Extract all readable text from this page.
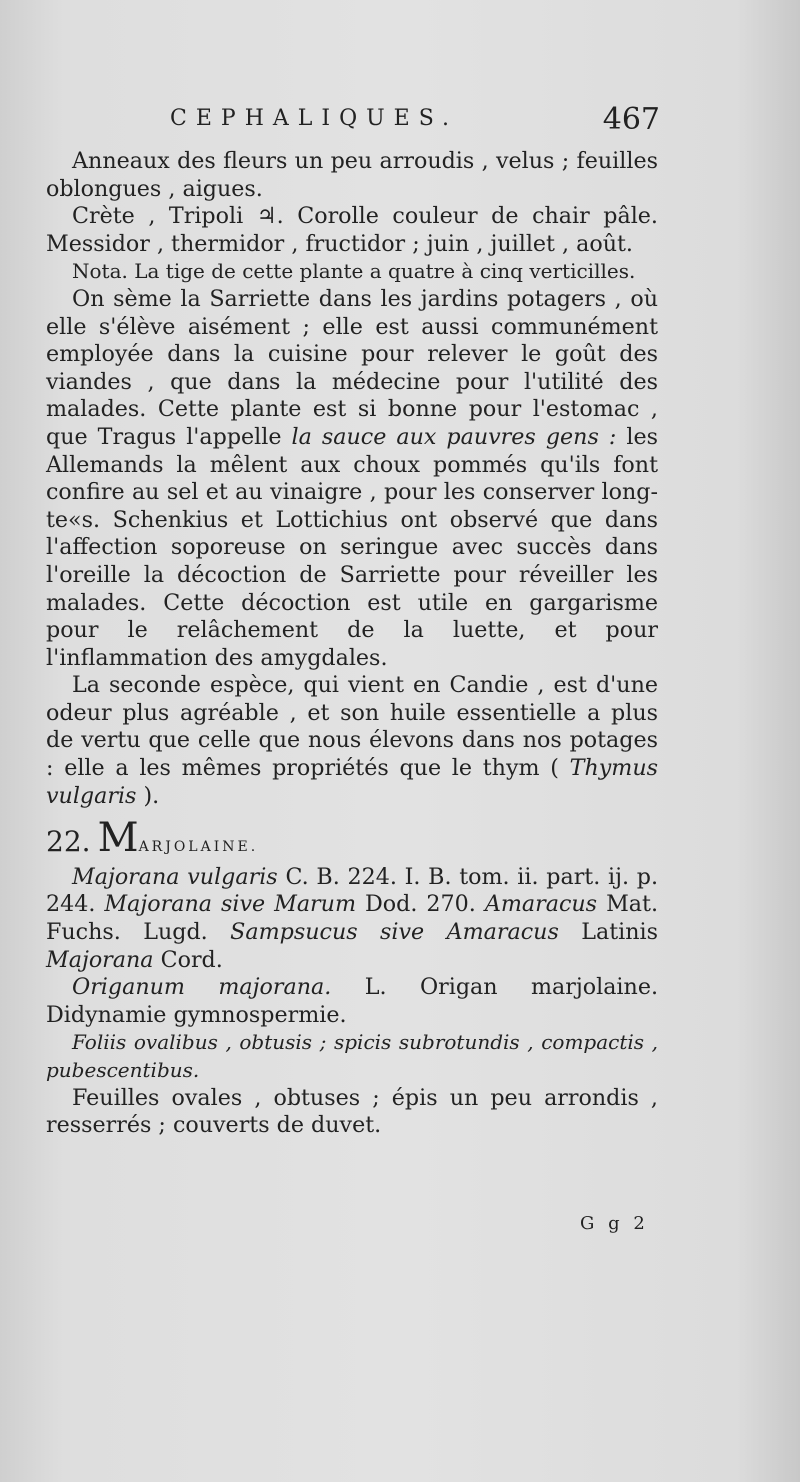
CEPHALIQUES.	467

Anneaux des fleurs un peu arroudis , velus ; feuilles oblongues , aigues.

Crète , Tripoli ♃. Corolle couleur de chair pâle. Messidor , thermidor , fructidor ; juin , juillet , août.

Nota. La tige de cette plante a quatre à cinq verticilles.

On sème la Sarriette dans les jardins potagers , où elle s'élève aisément ; elle est aussi communément employée dans la cuisine pour relever le goût des viandes , que dans la médecine pour l'utilité des malades. Cette plante est si bonne pour l'estomac , que Tragus l'appelle la sauce aux pauvres gens : les Allemands la mêlent aux choux pommés qu'ils font confire au sel et au vinaigre , pour les conserver long-te«s. Schenkius et Lottichius ont observé que dans l'affection soporeuse on seringue avec succès dans l'oreille la décoction de Sarriette pour réveiller les malades. Cette décoction est utile en gargarisme pour le relâchement de la luette, et pour l'inflammation des amygdales.

La seconde espèce, qui vient en Candie , est d'une odeur plus agréable , et son huile essentielle a plus de vertu que celle que nous élevons dans nos potages : elle a les mêmes propriétés que le thym ( Thymus vulgaris ).

22. MARJOLAINE.

Majorana vulgaris C. B. 224. I. B. tom. ii. part. ij. p. 244. Majorana sive Marum Dod. 270. Amaracus Mat. Fuchs. Lugd. Sampsucus sive Amaracus Latinis Majorana Cord.

Origanum majorana. L. Origan marjolaine. Didynamie gymnospermie.

Foliis ovalibus , obtusis ; spicis subrotundis , compactis , pubescentibus.

Feuilles ovales , obtuses ; épis un peu arrondis , resserrés ; couverts de duvet.

G g 2
